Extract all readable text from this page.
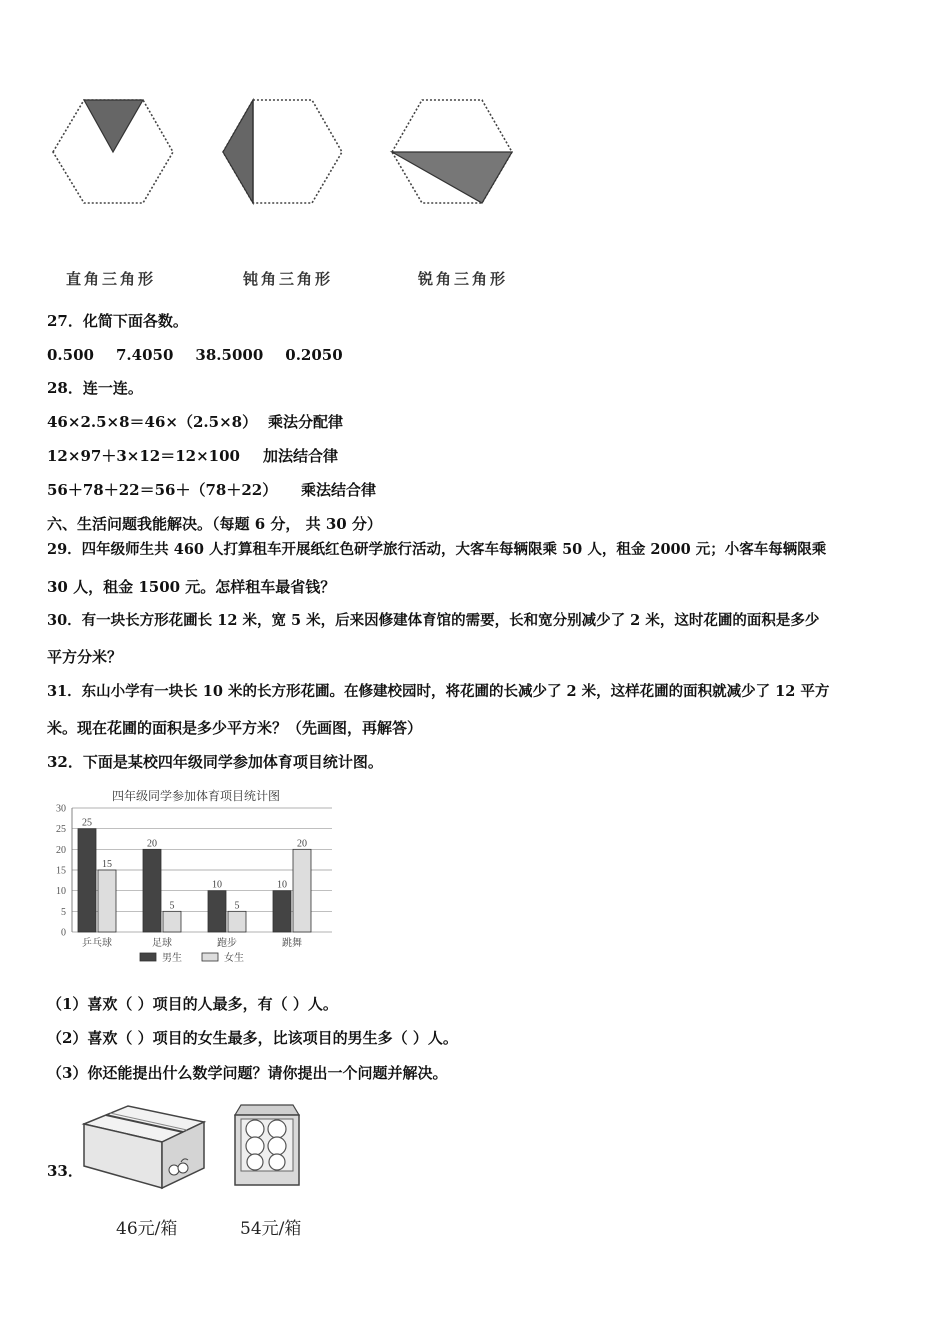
直角三角形	钝角三角形	锐角三角形
27．化简下面各数。
0.500 7.4050 38.5000 0.2050
28．连一连。
46×2.5×8＝46×（2.5×8） 乘法分配律
12×97＋3×12＝12×100 加法结合律
56＋78＋22＝56＋（78＋22） 乘法结合律
六、生活问题我能解决。（每题 6 分， 共 30 分）
29．四年级师生共 460 人打算租车开展纸红色研学旅行活动，大客车每辆限乘 50 人，租金 2000 元；小客车每辆限乘
30 人，租金 1500 元。怎样租车最省钱？
30．有一块长方形花圃长 12 米，宽 5 米，后来因修建体育馆的需要，长和宽分别减少了 2 米，这时花圃的面积是多少
平方分米？
31．东山小学有一块长 10 米的长方形花圃。在修建校园时，将花圃的长减少了 2 米，这样花圃的面积就减少了 12 平方
米。现在花圃的面积是多少平方米？（先画图，再解答）
32．下面是某校四年级同学参加体育项目统计图。
四年级同学参加体育项目统计图
0
5
10
15
20
25
30
25
15
20
5
10
5
10
20
乒乓球	足球	跑步	跳舞
男生	女生
（1）喜欢（ ）项目的人最多，有（ ）人。
（2）喜欢（ ）项目的女生最多，比该项目的男生多（ ）人。
（3）你还能提出什么数学问题？请你提出一个问题并解决。
33．
46元/箱	54元/箱
